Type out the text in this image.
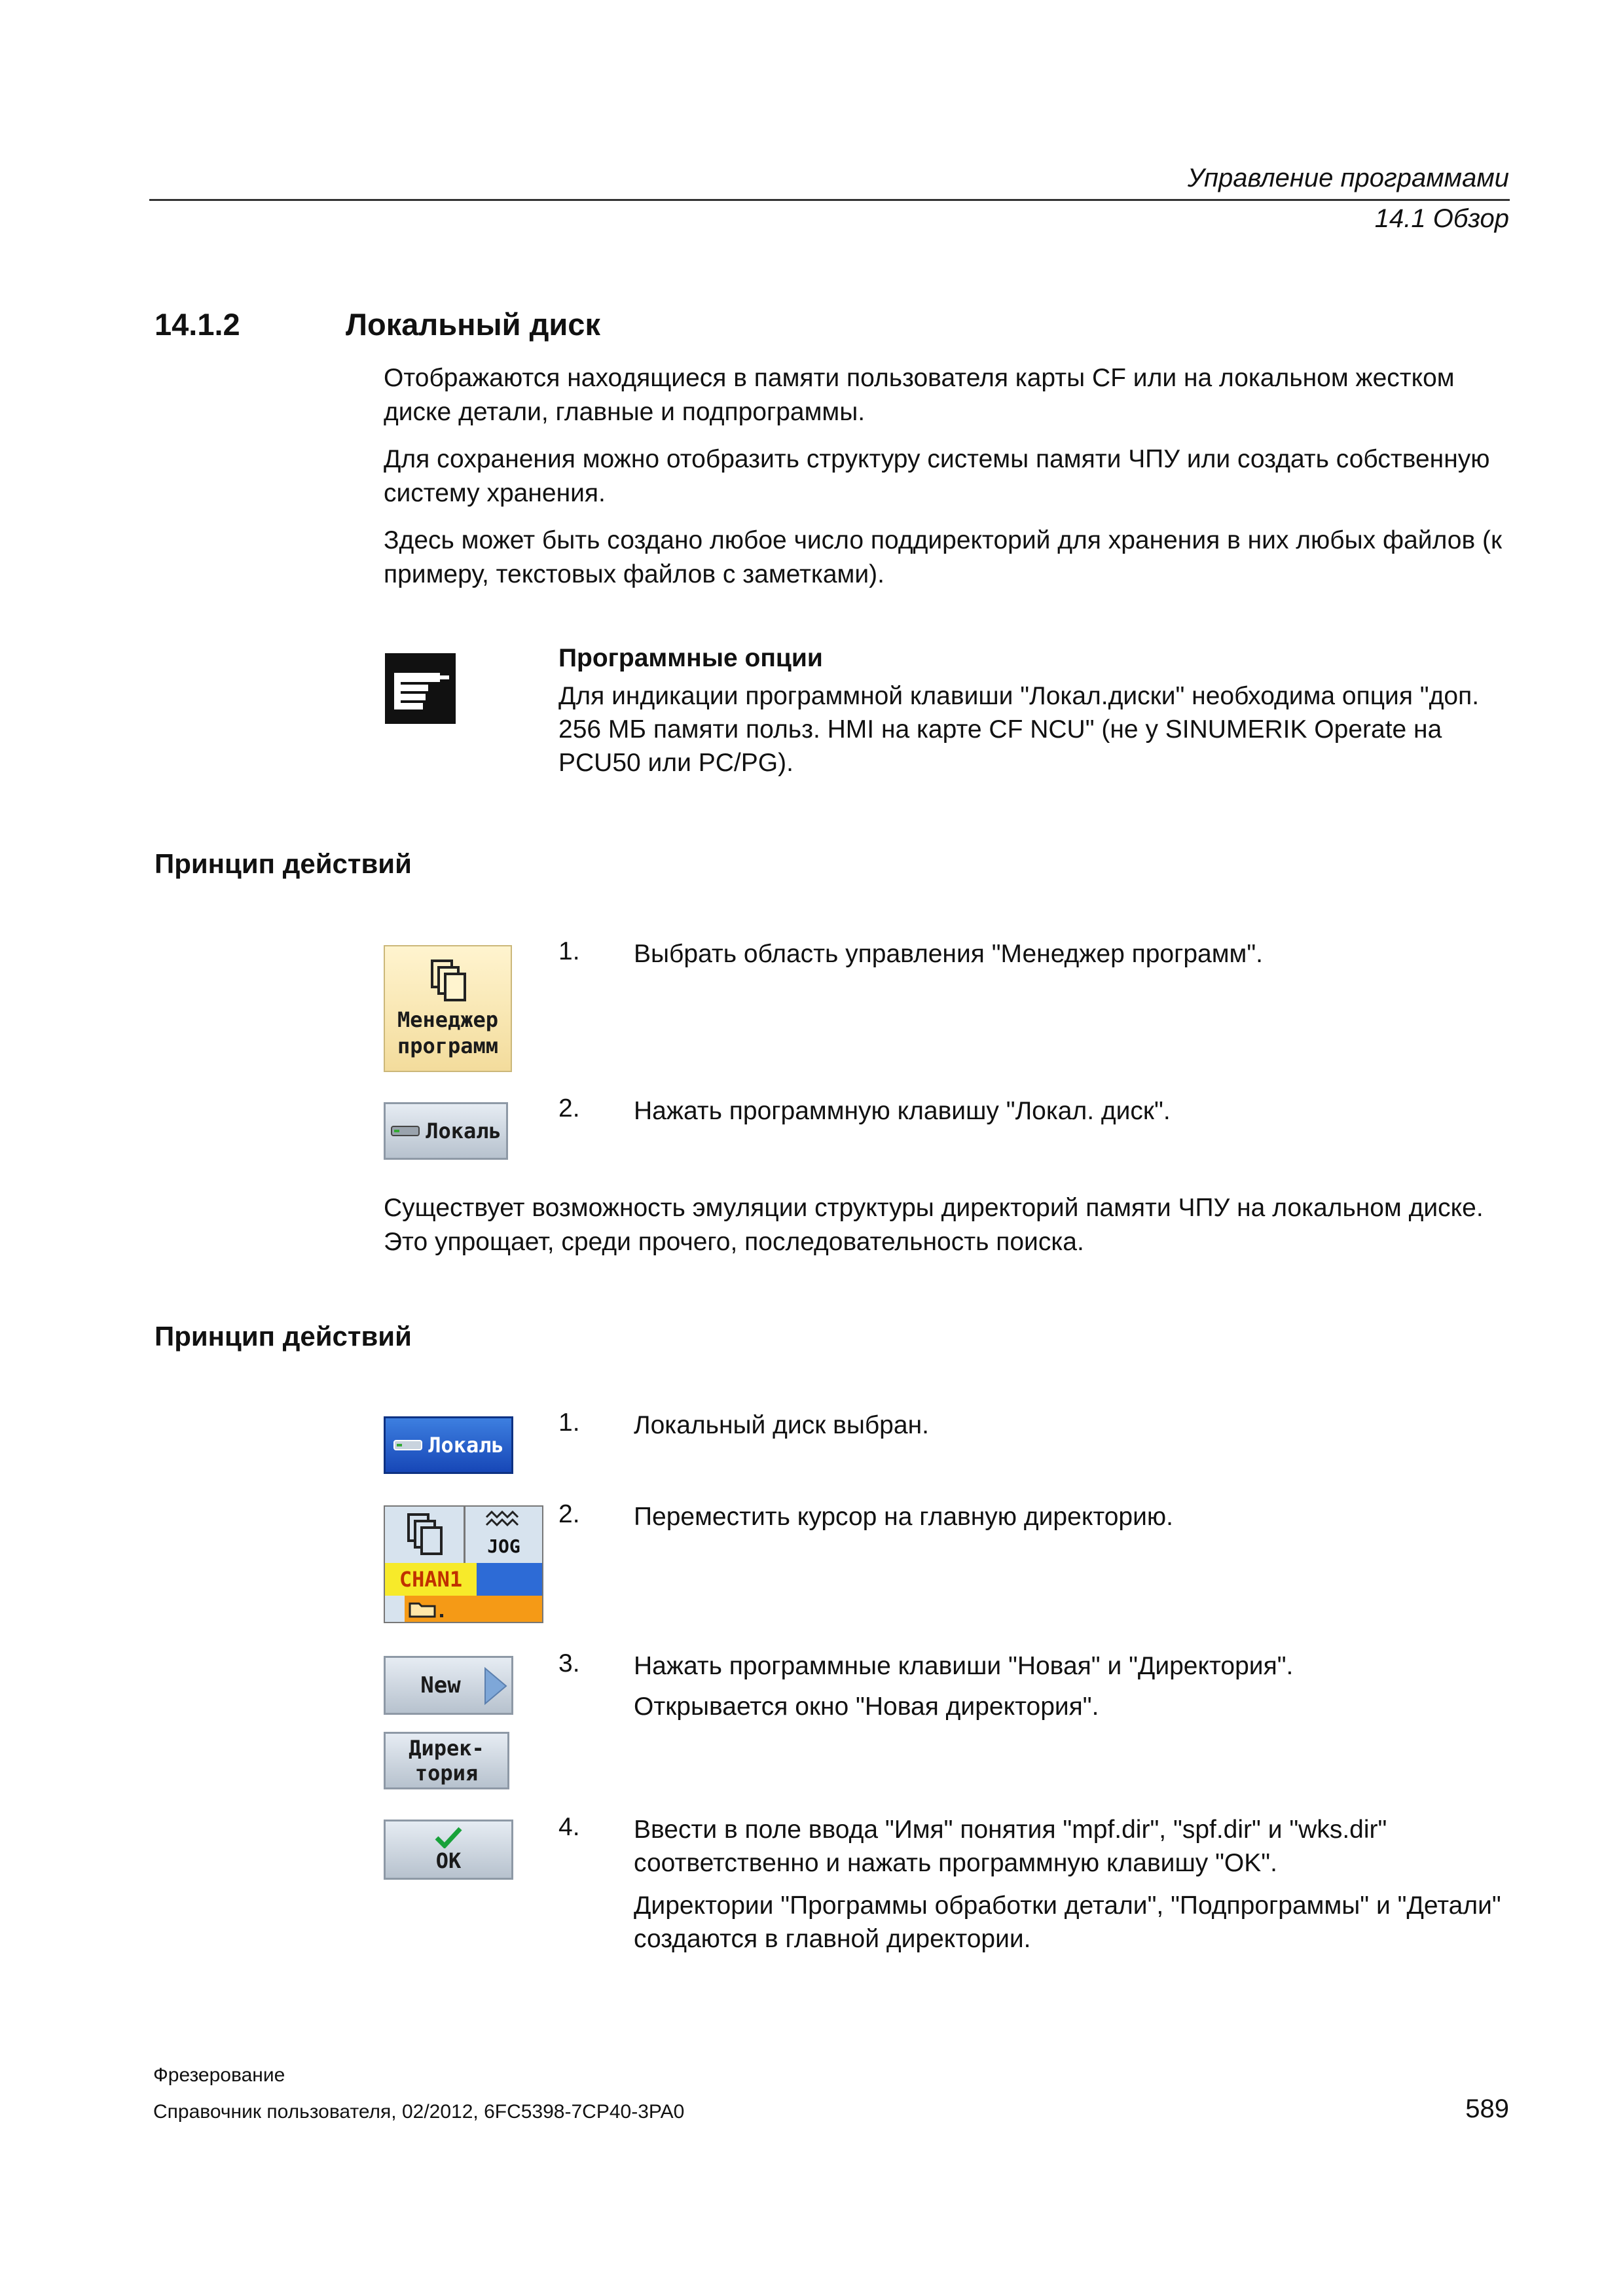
Управление программами
14.1 Обзор
14.1.2	Локальный диск
Отображаются находящиеся в памяти пользователя карты CF или на локальном жестком диске детали, главные и подпрограммы.
Для сохранения можно отобразить структуру системы памяти ЧПУ или создать собственную систему хранения.
Здесь может быть создано любое число поддиректорий для хранения в них любых файлов (к примеру, текстовых файлов с заметками).
Программные опции
Для индикации программной клавиши "Локал.диски" необходима опция "доп. 256 МБ памяти польз. HMI на карте CF NCU" (не у SINUMERIK Operate на PCU50 или PC/PG).
Принцип действий
Менеджер
программ
1. Выбрать область управления "Менеджер программ".
Локаль
2. Нажать программную клавишу "Локал. диск".
Существует возможность эмуляции структуры директорий памяти ЧПУ на локальном диске. Это упрощает, среди прочего, последовательность поиска.
Принцип действий
Локаль
1. Локальный диск выбран.
JOG
CHAN1
2. Переместить курсор на главную директорию.
New
Дирек-
тория
3. Нажать программные клавиши "Новая" и "Директория".
Открывается окно "Новая директория".
OK
4. Ввести в поле ввода "Имя" понятия "mpf.dir", "spf.dir" и "wks.dir" соответственно и нажать программную клавишу "OK".
Директории "Программы обработки детали", "Подпрограммы" и "Детали" создаются в главной директории.
Фрезерование
Справочник пользователя, 02/2012, 6FC5398-7CP40-3PA0	589
